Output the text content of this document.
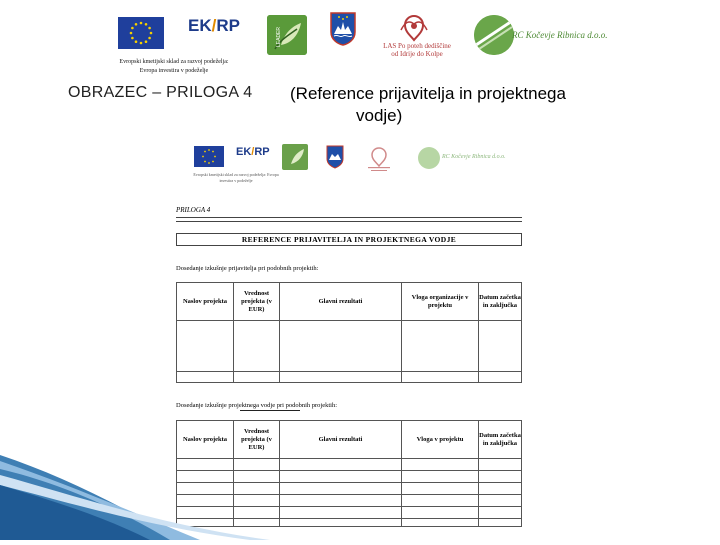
EK/RP
LEADER	LAS Po poteh dediščine
od Idrije do Kolpe
RC Kočevje Ribnica d.o.o.
Evropski kmetijski sklad za razvoj podeželja:
Evropa investira v podeželje
OBRAZEC – PRILOGA 4 (Reference prijavitelja in projektnega
vodje)
EK/RP	RC Kočevje Ribnica d.o.o.
Evropski kmetijski sklad za razvoj podeželja: Evropa investira v podeželje
PRILOGA 4
REFERENCE PRIJAVITELJA IN PROJEKTNEGA VODJE
Dosedanje izkušnje prijavitelja pri podobnih projektih:
Naslov projekta	Vrednost projekta (v EUR)	Glavni rezultati	Vloga organizacije v projektu	Datum začetka in zaključka

Dosedanje izkušnje projektnega vodje pri podobnih projektih:
Naslov projekta	Vrednost projekta (v EUR)	Glavni rezultati	Vloga v projektu	Datum začetka in zaključka
